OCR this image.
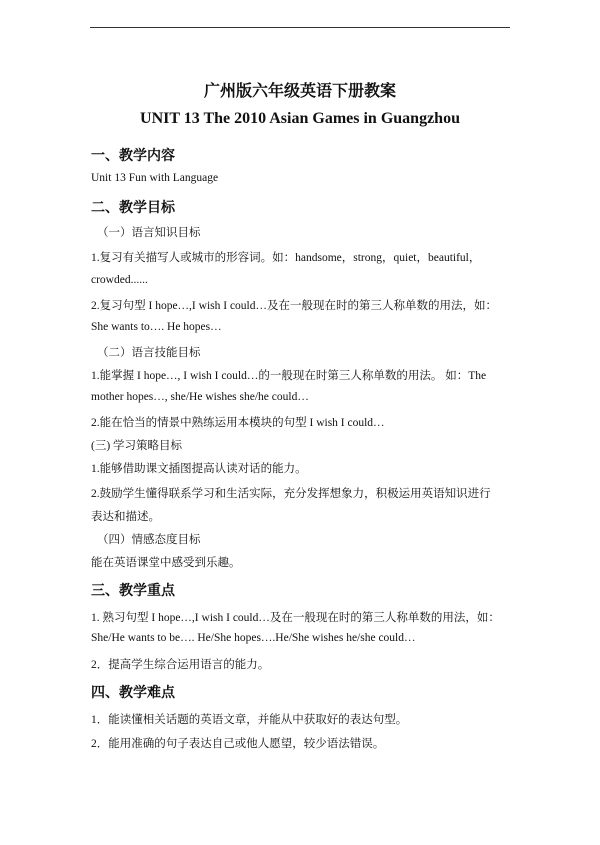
广州版六年级英语下册教案
UNIT 13 The 2010 Asian Games in Guangzhou
一、教学内容
Unit 13 Fun with Language
二、教学目标
（一）语言知识目标
1.复习有关描写人或城市的形容词。如：handsome，strong，quiet，beautiful，
crowded......
2.复习句型 I hope…,I wish I could…及在一般现在时的第三人称单数的用法，如：
She wants to…. He hopes…
（二）语言技能目标
1.能掌握 I hope…, I wish I could…的一般现在时第三人称单数的用法。 如：The
mother hopes…, she/He wishes she/he could…
2.能在恰当的情景中熟练运用本模块的句型 I wish I could…
(三) 学习策略目标
1.能够借助课文插图提高认读对话的能力。
2.鼓励学生懂得联系学习和生活实际，充分发挥想象力，积极运用英语知识进行
表达和描述。
（四）情感态度目标
能在英语课堂中感受到乐趣。
三、教学重点
1. 熟习句型 I hope…,I wish I could…及在一般现在时的第三人称单数的用法，如：
She/He wants to be…. He/She hopes….He/She wishes he/she could…
2．提高学生综合运用语言的能力。
四、教学难点
1．能读懂相关话题的英语文章，并能从中获取好的表达句型。
2．能用准确的句子表达自己或他人愿望，较少语法错误。
